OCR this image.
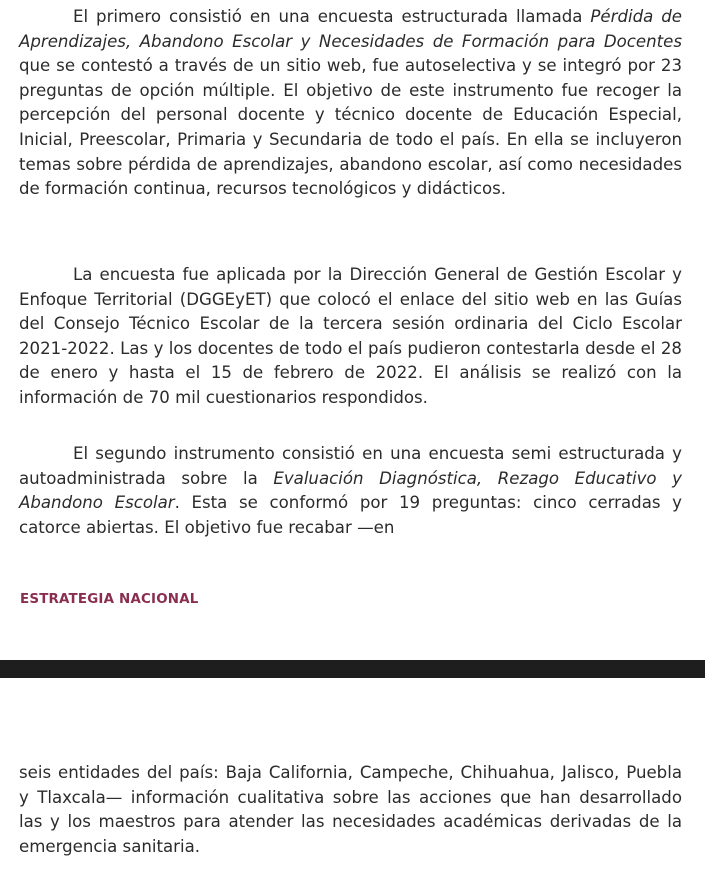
El primero consistió en una encuesta estructurada llamada Pérdida de Aprendizajes, Abandono Escolar y Necesidades de Formación para Docentes que se contestó a través de un sitio web, fue autoselectiva y se integró por 23 preguntas de opción múltiple. El objetivo de este instrumento fue recoger la percepción del personal docente y técnico docente de Educación Especial, Inicial, Preescolar, Primaria y Secundaria de todo el país. En ella se incluyeron temas sobre pérdida de aprendizajes, abandono escolar, así como necesidades de formación continua, recursos tecnológicos y didácticos.

La encuesta fue aplicada por la Dirección General de Gestión Escolar y Enfoque Territorial (DGGEyET) que colocó el enlace del sitio web en las Guías del Consejo Técnico Escolar de la tercera sesión ordinaria del Ciclo Escolar 2021-2022. Las y los docentes de todo el país pudieron contestarla desde el 28 de enero y hasta el 15 de febrero de 2022. El análisis se realizó con la información de 70 mil cuestionarios respondidos.

El segundo instrumento consistió en una encuesta semi estructurada y autoadministrada sobre la Evaluación Diagnóstica, Rezago Educativo y Abandono Escolar. Esta se conformó por 19 preguntas: cinco cerradas y catorce abiertas. El objetivo fue recabar —en

ESTRATEGIA NACIONAL

seis entidades del país: Baja California, Campeche, Chihuahua, Jalisco, Puebla y Tlaxcala— información cualitativa sobre las acciones que han desarrollado las y los maestros para atender las necesidades académicas derivadas de la emergencia sanitaria.
